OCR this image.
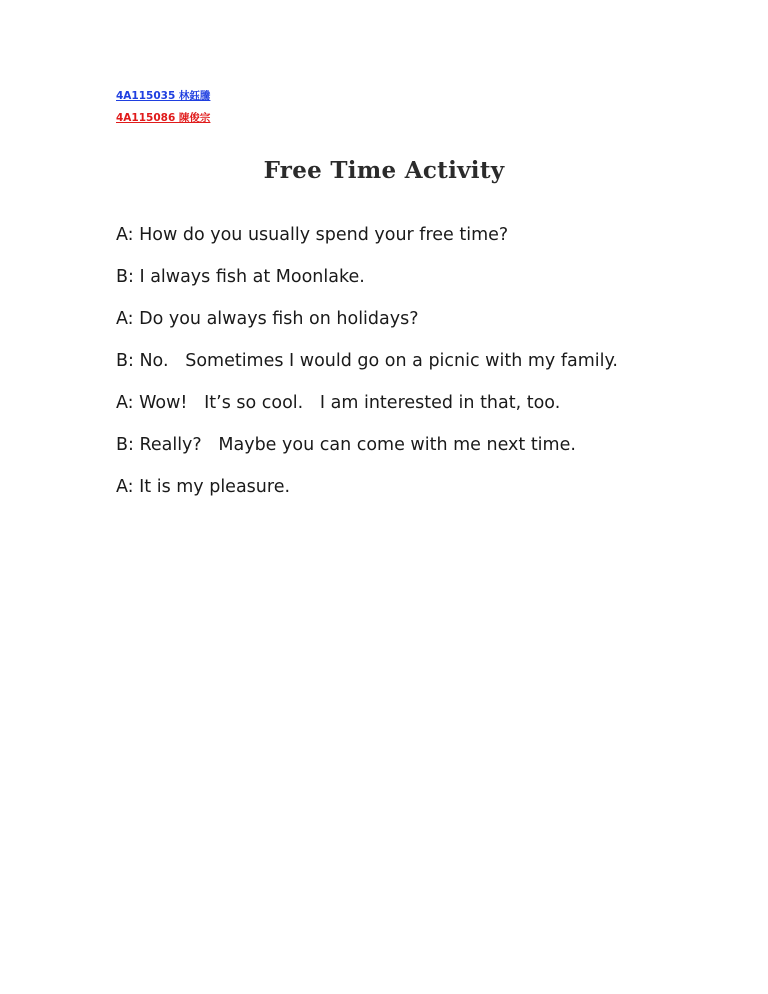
4A115035 林鈺騰

4A115086 陳俊宗

Free Time Activity
A: How do you usually spend your free time?
B: I always fish at Moonlake.
A: Do you always fish on holidays?
B: No.   Sometimes I would go on a picnic with my family.
A: Wow!   It’s so cool.   I am interested in that, too.
B: Really?   Maybe you can come with me next time.
A: It is my pleasure.
